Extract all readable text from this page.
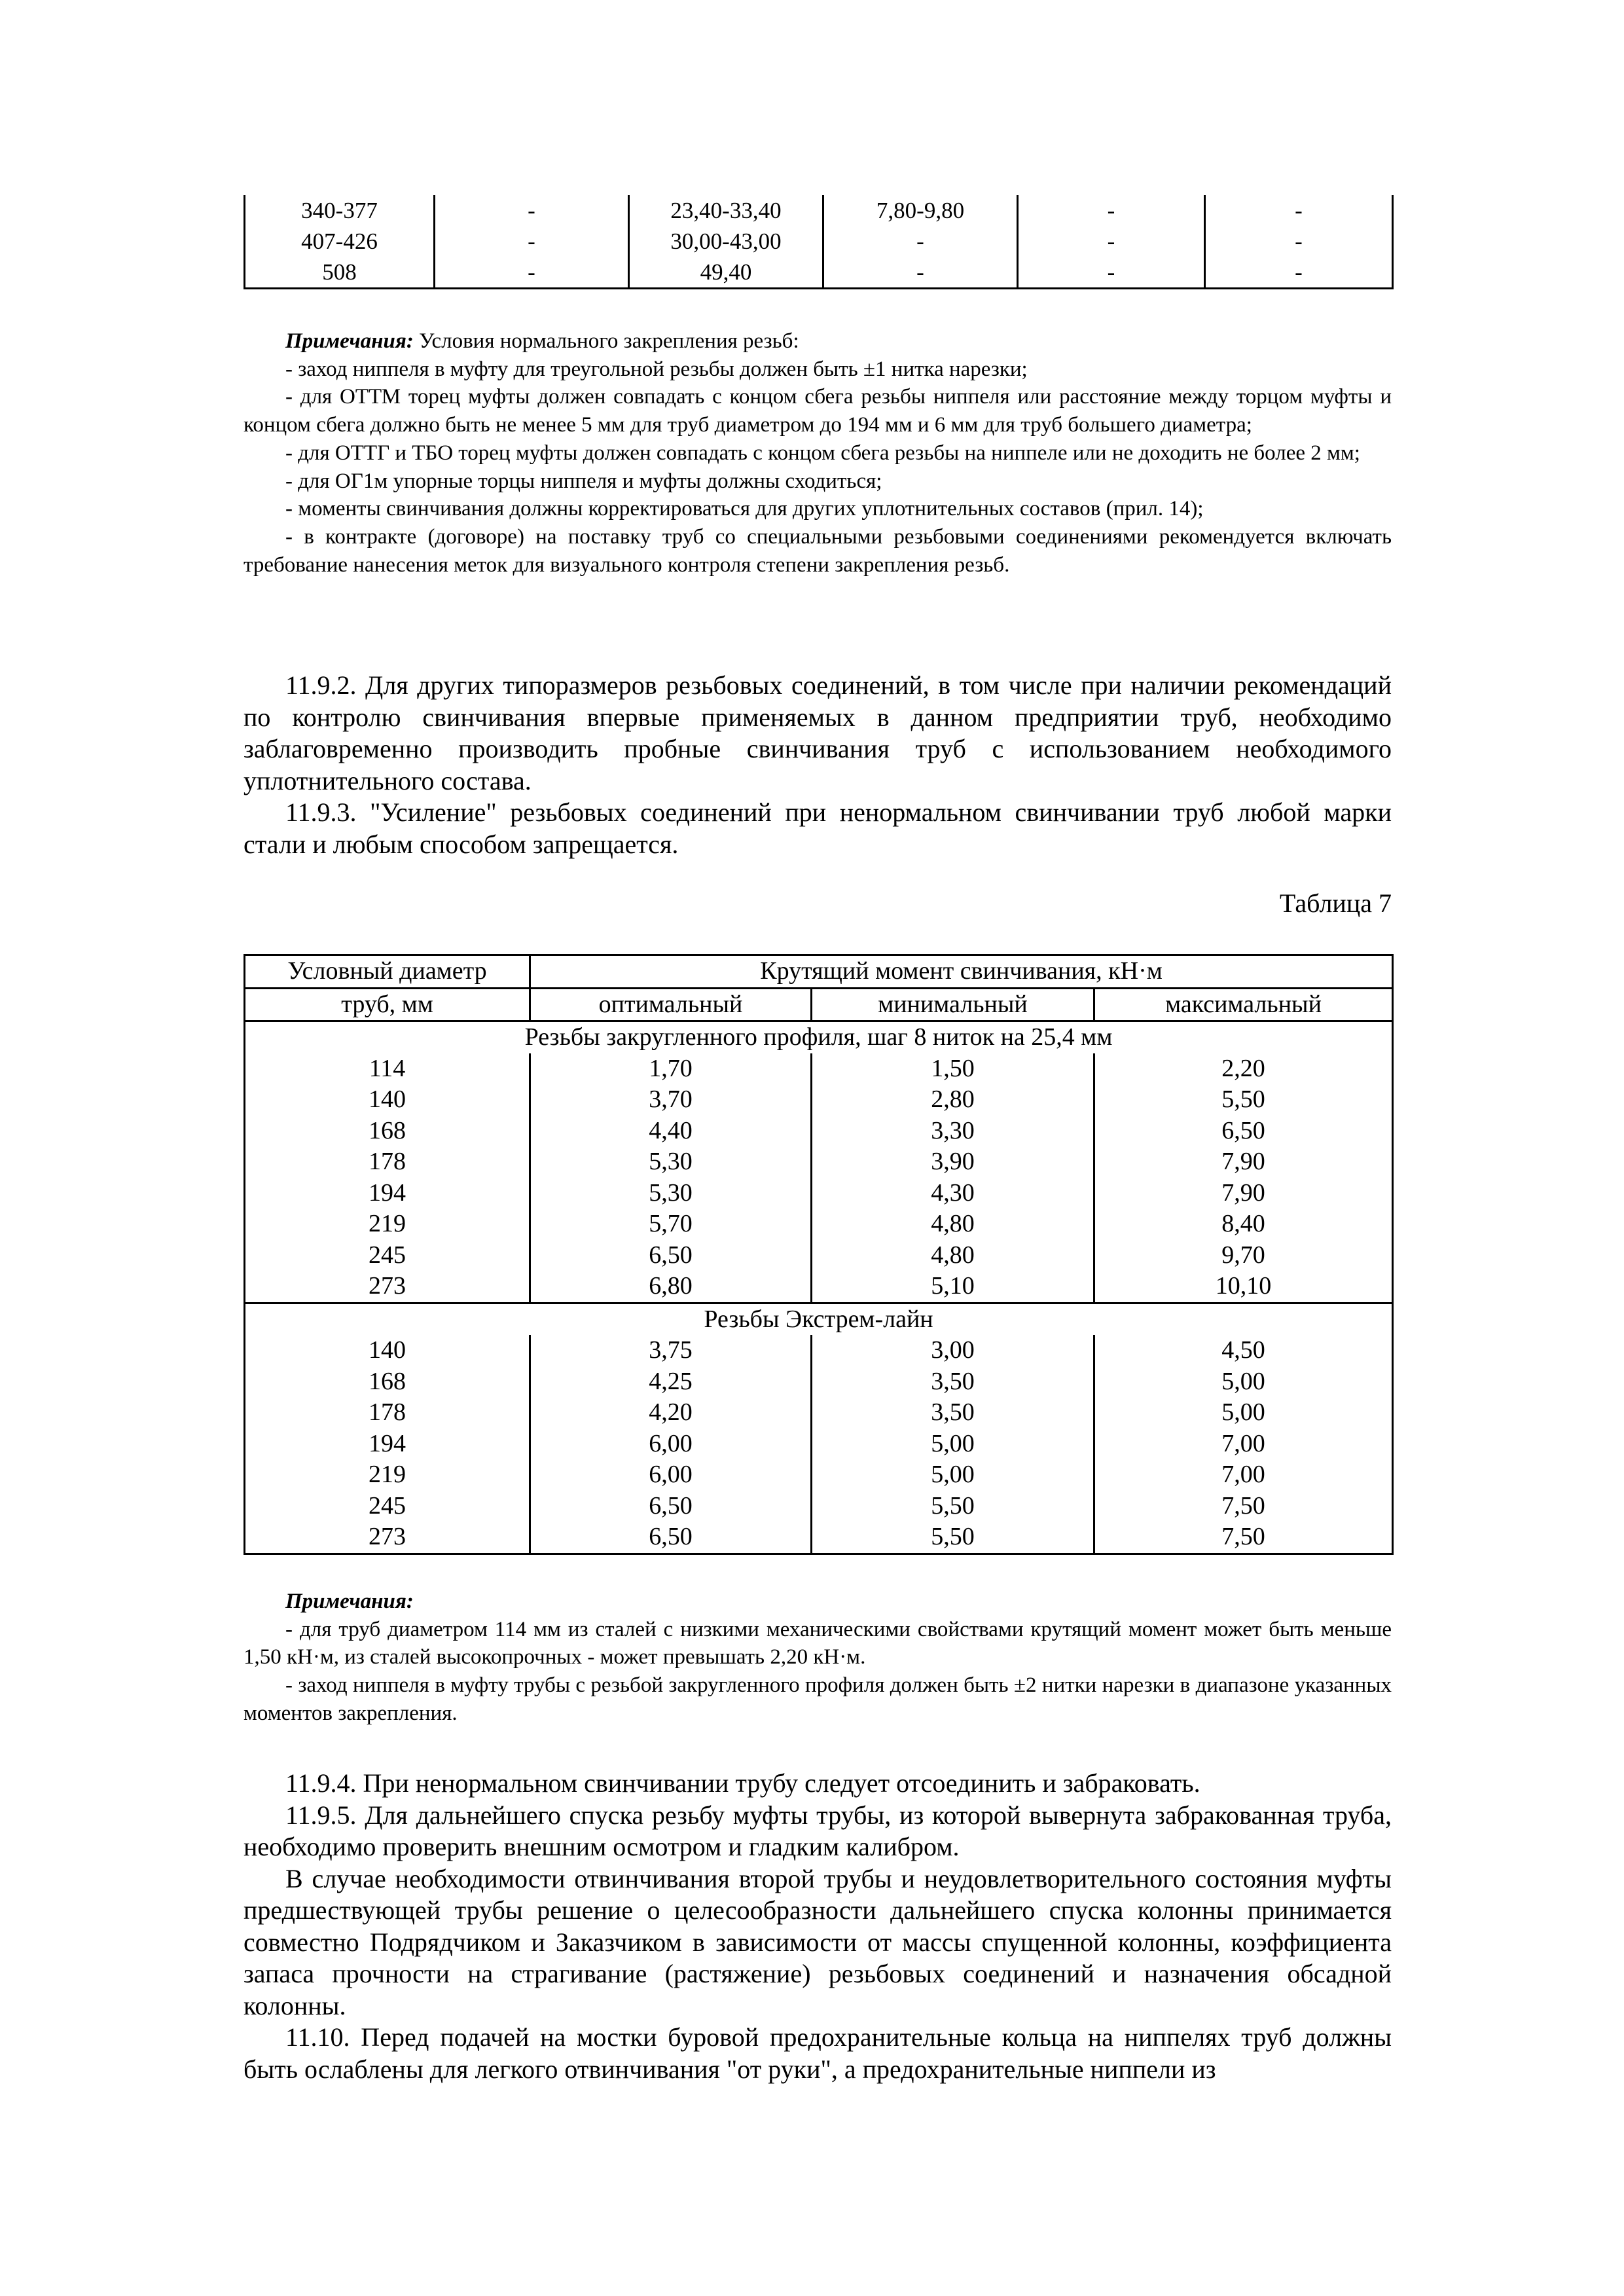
340-377	-	23,40-33,40	7,80-9,80	-	-
407-426	-	30,00-43,00	-	-	-
508	-	49,40	-	-	-

Примечания: Условия нормального закрепления резьб:

- заход ниппеля в муфту для треугольной резьбы должен быть ±1 нитка нарезки;

- для ОТТМ торец муфты должен совпадать с концом сбега резьбы ниппеля или расстояние между торцом муфты и концом сбега должно быть не менее 5 мм для труб диаметром до 194 мм и 6 мм для труб большего диаметра;

- для ОТТГ и ТБО торец муфты должен совпадать с концом сбега резьбы на ниппеле или не доходить не более 2 мм;

- для ОГ1м упорные торцы ниппеля и муфты должны сходиться;

- моменты свинчивания должны корректироваться для других уплотнительных составов (прил. 14);

- в контракте (договоре) на поставку труб со специальными резьбовыми соединениями рекомендуется включать требование нанесения меток для визуального контроля степени закрепления резьб.

11.9.2. Для других типоразмеров резьбовых соединений, в том числе при наличии рекомендаций по контролю свинчивания впервые применяемых в данном предприятии труб, необходимо заблаговременно производить пробные свинчивания труб с использованием необходимого уплотнительного состава.

11.9.3. "Усиление" резьбовых соединений при ненормальном свинчивании труб любой марки стали и любым способом запрещается.

Таблица 7
Условный диаметр	Крутящий момент свинчивания, кН·м		
труб, мм	оптимальный	минимальный	максимальный
Резьбы закругленного профиля, шаг 8 ниток на 25,4 мм			
114	1,70	1,50	2,20
140	3,70	2,80	5,50
168	4,40	3,30	6,50
178	5,30	3,90	7,90
194	5,30	4,30	7,90
219	5,70	4,80	8,40
245	6,50	4,80	9,70
273	6,80	5,10	10,10
Резьбы Экстрем-лайн			
140	3,75	3,00	4,50
168	4,25	3,50	5,00
178	4,20	3,50	5,00
194	6,00	5,00	7,00
219	6,00	5,00	7,00
245	6,50	5,50	7,50
273	6,50	5,50	7,50

Примечания:

- для труб диаметром 114 мм из сталей с низкими механическими свойствами крутящий момент может быть меньше 1,50 кН·м, из сталей высокопрочных - может превышать 2,20 кН·м.

- заход ниппеля в муфту трубы с резьбой закругленного профиля должен быть ±2 нитки нарезки в диапазоне указанных моментов закрепления.

11.9.4. При ненормальном свинчивании трубу следует отсоединить и забраковать.

11.9.5. Для дальнейшего спуска резьбу муфты трубы, из которой вывернута забракованная труба, необходимо проверить внешним осмотром и гладким калибром.

В случае необходимости отвинчивания второй трубы и неудовлетворительного состояния муфты предшествующей трубы решение о целесообразности дальнейшего спуска колонны принимается совместно Подрядчиком и Заказчиком в зависимости от массы спущенной колонны, коэффициента запаса прочности на страгивание (растяжение) резьбовых соединений и назначения обсадной колонны.

11.10. Перед подачей на мостки буровой предохранительные кольца на ниппелях труб должны быть ослаблены для легкого отвинчивания "от руки", а предохранительные ниппели из
